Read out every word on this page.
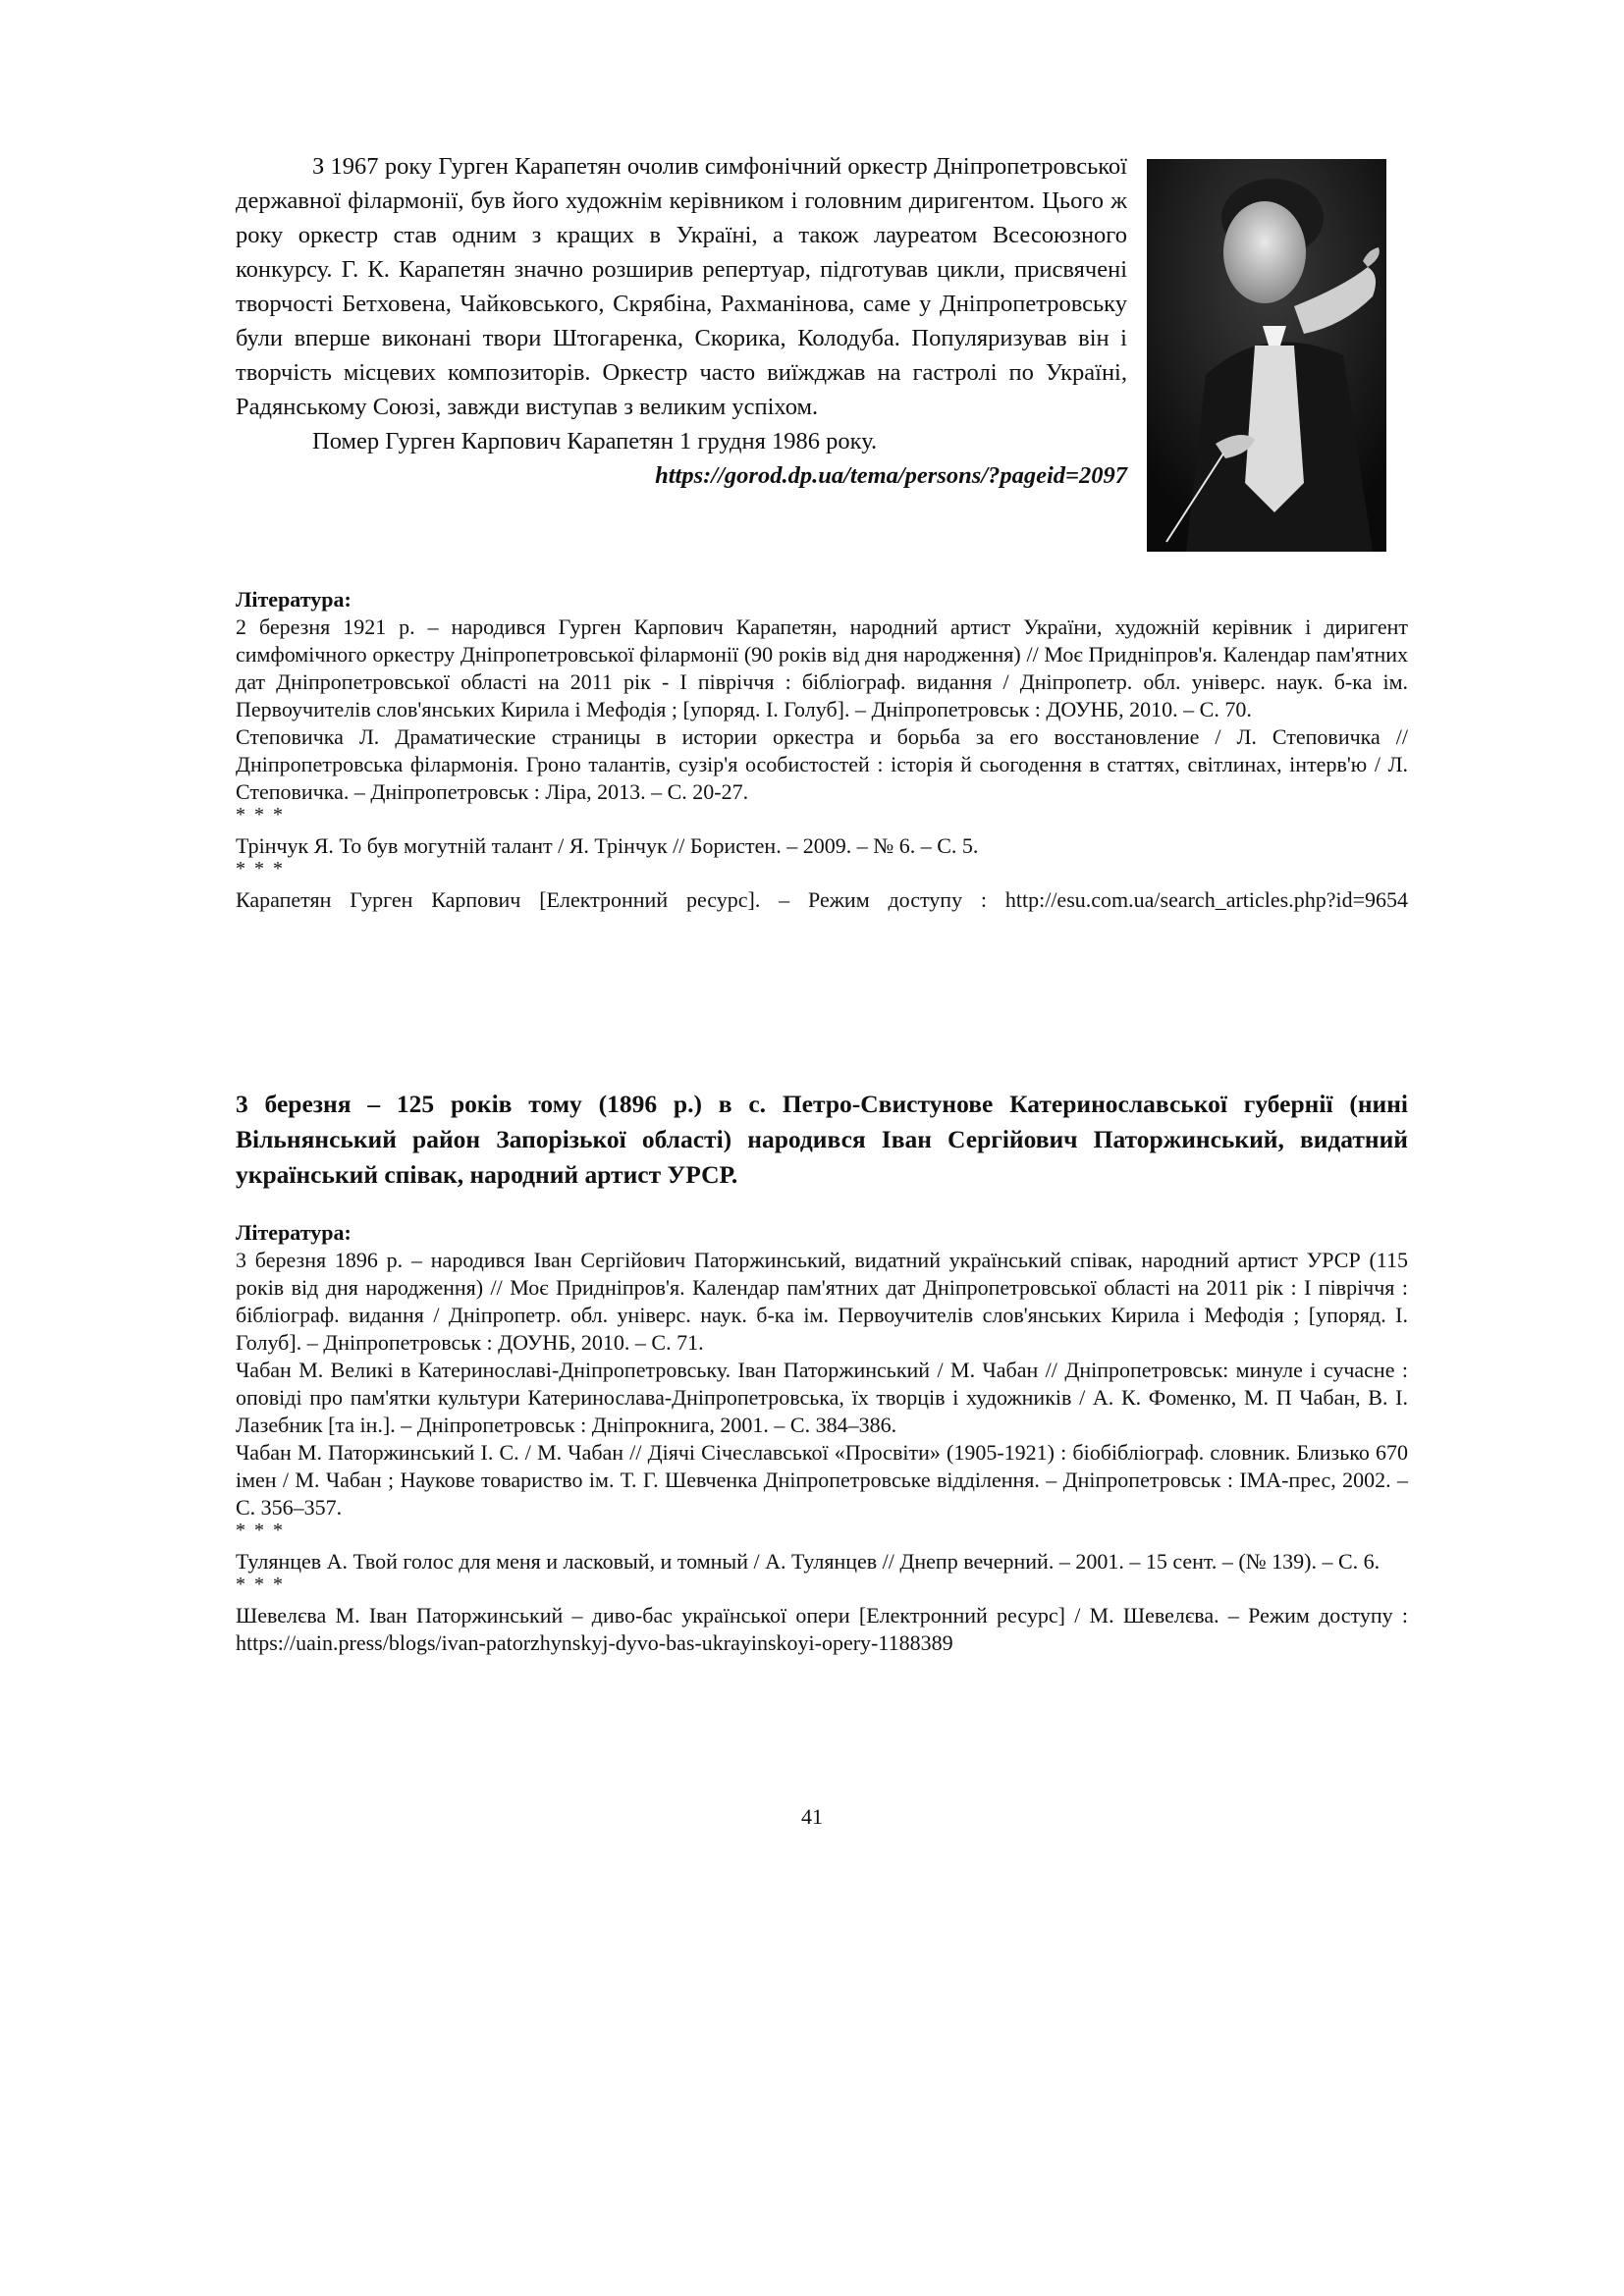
З 1967 року Гурген Карапетян очолив симфонічний оркестр Дніпропетровської державної філармонії, був його художнім керівником і головним диригентом. Цього ж року оркестр став одним з кращих в Україні, а також лауреатом Всесоюзного конкурсу. Г. К. Карапетян значно розширив репертуар, підготував цикли, присвячені творчості Бетховена, Чайковського, Скрябіна, Рахманінова, саме у Дніпропетровську були вперше виконані твори Штогаренка, Скорика, Колодуба. Популяризував він і творчість місцевих композиторів. Оркестр часто виїжджав на гастролі по Україні, Радянському Союзі, завжди виступав з великим успіхом.

Помер Гурген Карпович Карапетян 1 грудня 1986 року.

https://gorod.dp.ua/tema/persons/?pageid=2097

Література:

2 березня 1921 р. – народився Гурген Карпович Карапетян, народний артист України, художній керівник і диригент симфомічного оркестру Дніпропетровської філармонії (90 років від дня народження) // Моє Придніпров'я. Календар пам'ятних дат Дніпропетровської області на 2011 рік - І півріччя : бібліограф. видання / Дніпропетр. обл. універс. наук. б-ка ім. Первоучителів слов'янських Кирила і Мефодія ; [упоряд. І. Голуб]. – Дніпропетровськ : ДОУНБ, 2010. – С. 70.

Степовичка Л. Драматические страницы в истории оркестра и борьба за его восстановление / Л. Степовичка // Дніпропетровська філармонія. Гроно талантів, сузір'я особистостей : історія й сьогодення в статтях, світлинах, інтерв'ю / Л. Степовичка. – Дніпропетровськ : Ліра, 2013. – С. 20-27.

* * *

Трінчук Я. То був могутній талант / Я. Трінчук // Бористен. – 2009. – № 6. – С. 5.

* * *

Карапетян Гурген Карпович [Електронний ресурс]. – Режим доступу : http://esu.com.ua/search_articles.php?id=9654

3 березня – 125 років тому (1896 р.) в с. Петро-Свистунове Катеринославської губернії (нині Вільнянський район Запорізької області) народився Іван Сергійович Паторжинський, видатний український співак, народний артист УРСР.

Література:

3 березня 1896 р. – народився Іван Сергійович Паторжинський, видатний український співак, народний артист УРСР (115 років від дня народження) // Моє Придніпров'я. Календар пам'ятних дат Дніпропетровської області на 2011 рік : І півріччя : бібліограф. видання / Дніпропетр. обл. універс. наук. б-ка ім. Первоучителів слов'янських Кирила і Мефодія ; [упоряд. І. Голуб]. – Дніпропетровськ : ДОУНБ, 2010. – С. 71.

Чабан М. Великі в Катеринославі-Дніпропетровську. Іван Паторжинський / М. Чабан // Дніпропетровськ: минуле і сучасне : оповіді про пам'ятки культури Катеринослава-Дніпропетровська, їх творців і художників / А. К. Фоменко, М. П Чабан, В. І. Лазебник [та ін.]. – Дніпропетровськ : Дніпрокнига, 2001. – С. 384–386.

Чабан М. Паторжинський І. С. / М. Чабан // Діячі Січеславської «Просвіти» (1905-1921) : біобібліограф. словник. Близько 670 імен / М. Чабан ; Наукове товариство ім. Т. Г. Шевченка Дніпропетровське відділення. – Дніпропетровськ : ІМА-прес, 2002. – С. 356–357.

* * *

Тулянцев А. Твой голос для меня и ласковый, и томный / А. Тулянцев // Днепр вечерний. – 2001. – 15 сент. – (№ 139). – С. 6.

* * *

Шевелєва М. Іван Паторжинський – диво-бас української опери [Електронний ресурс] / М. Шевелєва. – Режим доступу : https://uain.press/blogs/ivan-patorzhynskyj-dyvo-bas-ukrayinskoyi-opery-1188389

41
